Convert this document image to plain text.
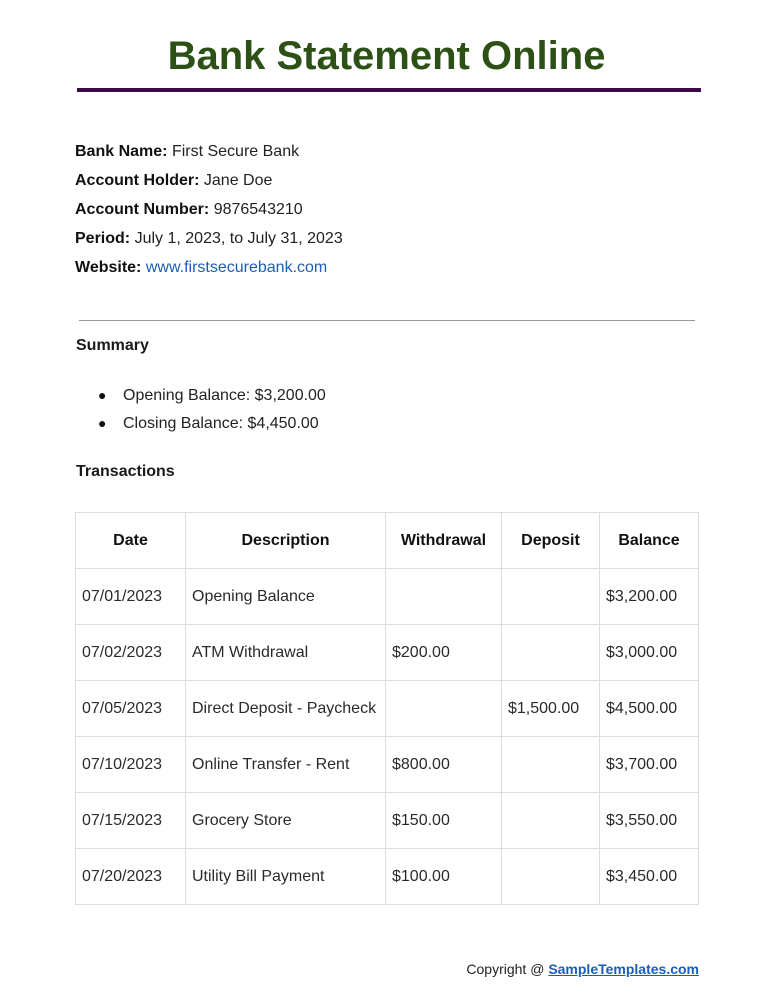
Bank Statement Online
Bank Name: First Secure Bank
Account Holder: Jane Doe
Account Number: 9876543210
Period: July 1, 2023, to July 31, 2023
Website: www.firstsecurebank.com
Summary
● Opening Balance: $3,200.00
● Closing Balance: $4,450.00
Transactions
Date	Description	Withdrawal	Deposit	Balance
07/01/2023	Opening Balance			$3,200.00
07/02/2023	ATM Withdrawal	$200.00		$3,000.00
07/05/2023	Direct Deposit - Paycheck		$1,500.00	$4,500.00
07/10/2023	Online Transfer - Rent	$800.00		$3,700.00
07/15/2023	Grocery Store	$150.00		$3,550.00
07/20/2023	Utility Bill Payment	$100.00		$3,450.00
Copyright @ SampleTemplates.com
